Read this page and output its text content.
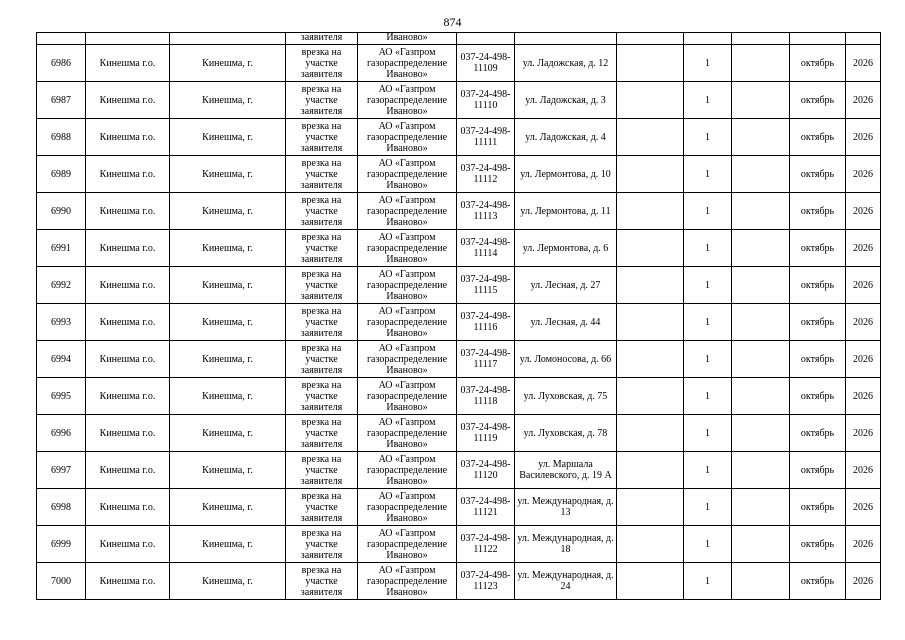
874
			заявителя	Иваново»							
6986	Кинешма г.о.	Кинешма, г.	врезка на участке заявителя	АО «Газпром газораспределение Иваново»	037-24-498-11109	ул. Ладожская, д. 12		1		октябрь	2026
6987	Кинешма г.о.	Кинешма, г.	врезка на участке заявителя	АО «Газпром газораспределение Иваново»	037-24-498-11110	ул. Ладожская, д. 3		1		октябрь	2026
6988	Кинешма г.о.	Кинешма, г.	врезка на участке заявителя	АО «Газпром газораспределение Иваново»	037-24-498-11111	ул. Ладожская, д. 4		1		октябрь	2026
6989	Кинешма г.о.	Кинешма, г.	врезка на участке заявителя	АО «Газпром газораспределение Иваново»	037-24-498-11112	ул. Лермонтова, д. 10		1		октябрь	2026
6990	Кинешма г.о.	Кинешма, г.	врезка на участке заявителя	АО «Газпром газораспределение Иваново»	037-24-498-11113	ул. Лермонтова, д. 11		1		октябрь	2026
6991	Кинешма г.о.	Кинешма, г.	врезка на участке заявителя	АО «Газпром газораспределение Иваново»	037-24-498-11114	ул. Лермонтова, д. 6		1		октябрь	2026
6992	Кинешма г.о.	Кинешма, г.	врезка на участке заявителя	АО «Газпром газораспределение Иваново»	037-24-498-11115	ул. Лесная, д. 27		1		октябрь	2026
6993	Кинешма г.о.	Кинешма, г.	врезка на участке заявителя	АО «Газпром газораспределение Иваново»	037-24-498-11116	ул. Лесная, д. 44		1		октябрь	2026
6994	Кинешма г.о.	Кинешма, г.	врезка на участке заявителя	АО «Газпром газораспределение Иваново»	037-24-498-11117	ул. Ломоносова, д. 66		1		октябрь	2026
6995	Кинешма г.о.	Кинешма, г.	врезка на участке заявителя	АО «Газпром газораспределение Иваново»	037-24-498-11118	ул. Луховская, д. 75		1		октябрь	2026
6996	Кинешма г.о.	Кинешма, г.	врезка на участке заявителя	АО «Газпром газораспределение Иваново»	037-24-498-11119	ул. Луховская, д. 78		1		октябрь	2026
6997	Кинешма г.о.	Кинешма, г.	врезка на участке заявителя	АО «Газпром газораспределение Иваново»	037-24-498-11120	ул. Маршала Василевского, д. 19 А		1		октябрь	2026
6998	Кинешма г.о.	Кинешма, г.	врезка на участке заявителя	АО «Газпром газораспределение Иваново»	037-24-498-11121	ул. Международная, д. 13		1		октябрь	2026
6999	Кинешма г.о.	Кинешма, г.	врезка на участке заявителя	АО «Газпром газораспределение Иваново»	037-24-498-11122	ул. Международная, д. 18		1		октябрь	2026
7000	Кинешма г.о.	Кинешма, г.	врезка на участке заявителя	АО «Газпром газораспределение Иваново»	037-24-498-11123	ул. Международная, д. 24		1		октябрь	2026
